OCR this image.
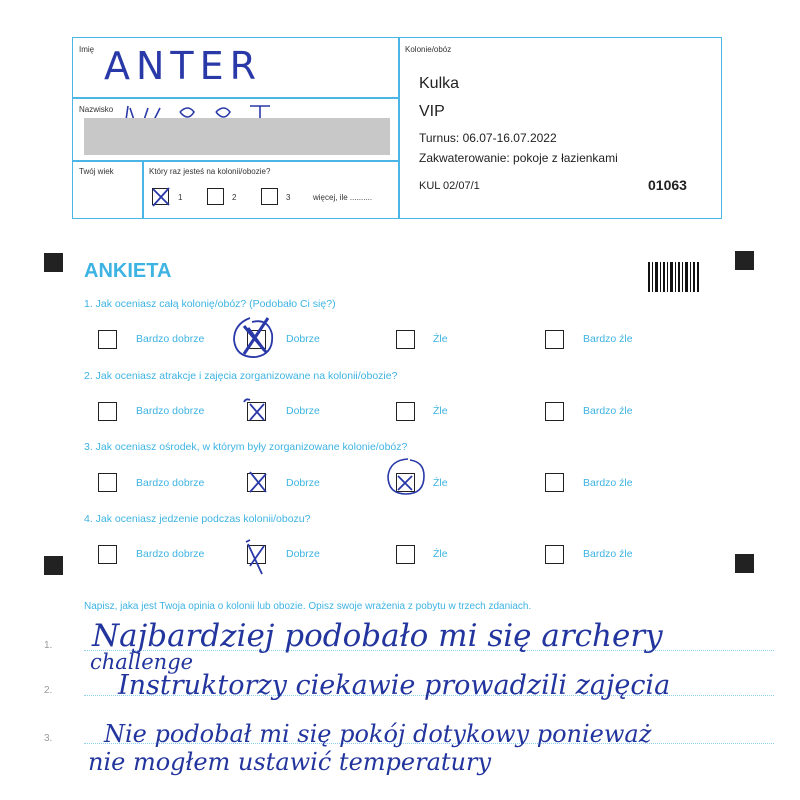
Imię ANTER
Nazwisko
Twój wiek	Który raz jesteś na kolonii/obozie?
1	2	3	więcej, ile ..........
Kolonie/obóz
Kulka
VIP
Turnus: 06.07-16.07.2022
Zakwaterowanie: pokoje z łazienkami
KUL 02/07/1	01063
ANKIETA
1. Jak oceniasz całą kolonię/obóz? (Podobało Ci się?)
Bardzo dobrze	Dobrze	Źle	Bardzo źle
2. Jak oceniasz atrakcje i zajęcia zorganizowane na kolonii/obozie?
Bardzo dobrze	Dobrze	Źle	Bardzo źle
3. Jak oceniasz ośrodek, w którym były zorganizowane kolonie/obóz?
Bardzo dobrze	Dobrze	Źle	Bardzo źle
4. Jak oceniasz jedzenie podczas kolonii/obozu?
Bardzo dobrze	Dobrze	Źle	Bardzo źle
Napisz, jaka jest Twoja opinia o kolonii lub obozie. Opisz swoje wrażenia z pobytu w trzech zdaniach.
1.
2.
3.
Najbardziej podobało mi się archery
challenge
Instruktorzy ciekawie prowadzili zajęcia
Nie podobał mi się pokój dotykowy ponieważ
nie mogłem ustawić temperatury
